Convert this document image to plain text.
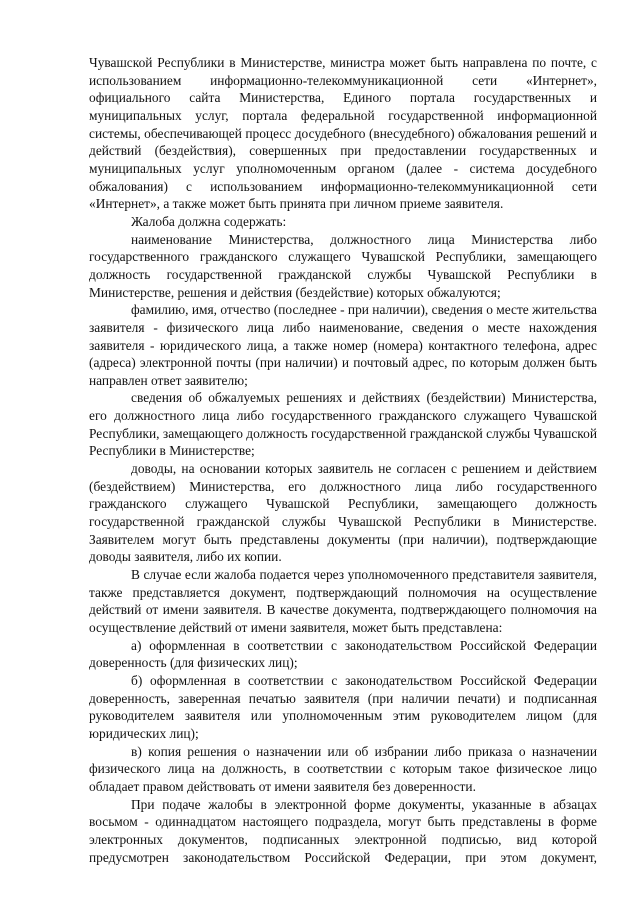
Чувашской Республики в Министерстве, министра может быть направлена по почте, с использованием информационно-телекоммуникационной сети «Интернет», официального сайта Министерства, Единого портала государственных и муниципальных услуг, портала федеральной государственной информационной системы, обеспечивающей процесс досудебного (внесудебного) обжалования решений и действий (бездействия), совершенных при предоставлении государственных и муниципальных услуг уполномоченным органом (далее - система досудебного обжалования) с использованием информационно-телекоммуникационной сети «Интернет», а также может быть принята при личном приеме заявителя.

Жалоба должна содержать:

наименование Министерства, должностного лица Министерства либо государственного гражданского служащего Чувашской Республики, замещающего должность государственной гражданской службы Чувашской Республики в Министерстве, решения и действия (бездействие) которых обжалуются;

фамилию, имя, отчество (последнее - при наличии), сведения о месте жительства заявителя - физического лица либо наименование, сведения о месте нахождения заявителя - юридического лица, а также номер (номера) контактного телефона, адрес (адреса) электронной почты (при наличии) и почтовый адрес, по которым должен быть направлен ответ заявителю;

сведения об обжалуемых решениях и действиях (бездействии) Министерства, его должностного лица либо государственного гражданского служащего Чувашской Республики, замещающего должность государственной гражданской службы Чувашской Республики в Министерстве;

доводы, на основании которых заявитель не согласен с решением и действием (бездействием) Министерства, его должностного лица либо государственного гражданского служащего Чувашской Республики, замещающего должность государственной гражданской службы Чувашской Республики в Министерстве. Заявителем могут быть представлены документы (при наличии), подтверждающие доводы заявителя, либо их копии.

В случае если жалоба подается через уполномоченного представителя заявителя, также представляется документ, подтверждающий полномочия на осуществление действий от имени заявителя. В качестве документа, подтверждающего полномочия на осуществление действий от имени заявителя, может быть представлена:

а) оформленная в соответствии с законодательством Российской Федерации доверенность (для физических лиц);

б) оформленная в соответствии с законодательством Российской Федерации доверенность, заверенная печатью заявителя (при наличии печати) и подписанная руководителем заявителя или уполномоченным этим руководителем лицом (для юридических лиц);

в) копия решения о назначении или об избрании либо приказа о назначении физического лица на должность, в соответствии с которым такое физическое лицо обладает правом действовать от имени заявителя без доверенности.

При подаче жалобы в электронной форме документы, указанные в абзацах восьмом - одиннадцатом настоящего подраздела, могут быть представлены в форме электронных документов, подписанных электронной подписью, вид которой предусмотрен законодательством Российской Федерации, при этом документ,
